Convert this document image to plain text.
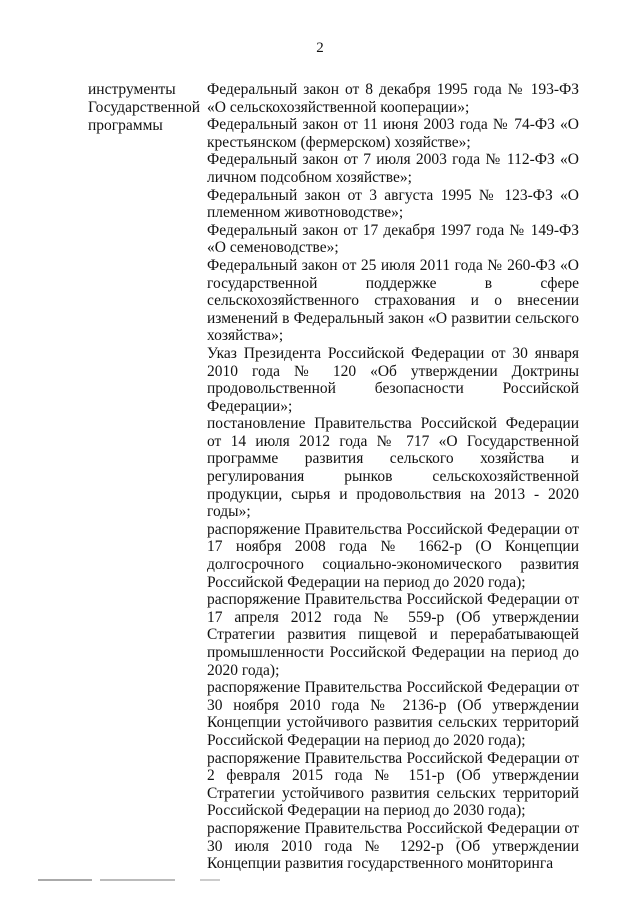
2
инструменты
Государственной
программы

Федеральный закон от 8 декабря 1995 года № 193-ФЗ «О сельскохозяйственной кооперации»;

Федеральный закон от 11 июня 2003 года № 74-ФЗ «О крестьянском (фермерском) хозяйстве»;

Федеральный закон от 7 июля 2003 года № 112-ФЗ «О личном подсобном хозяйстве»;

Федеральный закон от 3 августа 1995 № 123-ФЗ «О племенном животноводстве»;

Федеральный закон от 17 декабря 1997 года № 149-ФЗ «О семеноводстве»;

Федеральный закон от 25 июля 2011 года № 260-ФЗ «О государственной поддержке в сфере сельскохозяйственного страхования и о внесении изменений в Федеральный закон «О развитии сельского хозяйства»;

Указ Президента Российской Федерации от 30 января 2010 года № 120 «Об утверждении Доктрины продовольственной безопасности Российской Федерации»;

постановление Правительства Российской Федерации от 14 июля 2012 года № 717 «О Государственной программе развития сельского хозяйства и регулирования рынков сельскохозяйственной продукции, сырья и продовольствия на 2013 - 2020 годы»;

распоряжение Правительства Российской Федерации от 17 ноября 2008 года № 1662-р (О Концепции долгосрочного социально-экономического развития Российской Федерации на период до 2020 года);

распоряжение Правительства Российской Федерации от 17 апреля 2012 года № 559-р (Об утверждении Стратегии развития пищевой и перерабатывающей промышленности Российской Федерации на период до 2020 года);

распоряжение Правительства Российской Федерации от 30 ноября 2010 года № 2136-р (Об утверждении Концепции устойчивого развития сельских территорий Российской Федерации на период до 2020 года);

распоряжение Правительства Российской Федерации от 2 февраля 2015 года № 151-р (Об утверждении Стратегии устойчивого развития сельских территорий Российской Федерации на период до 2030 года);

распоряжение Правительства Российской Федерации от 30 июля 2010 года № 1292-р (Об утверждении Концепции развития государственного мониторинга
